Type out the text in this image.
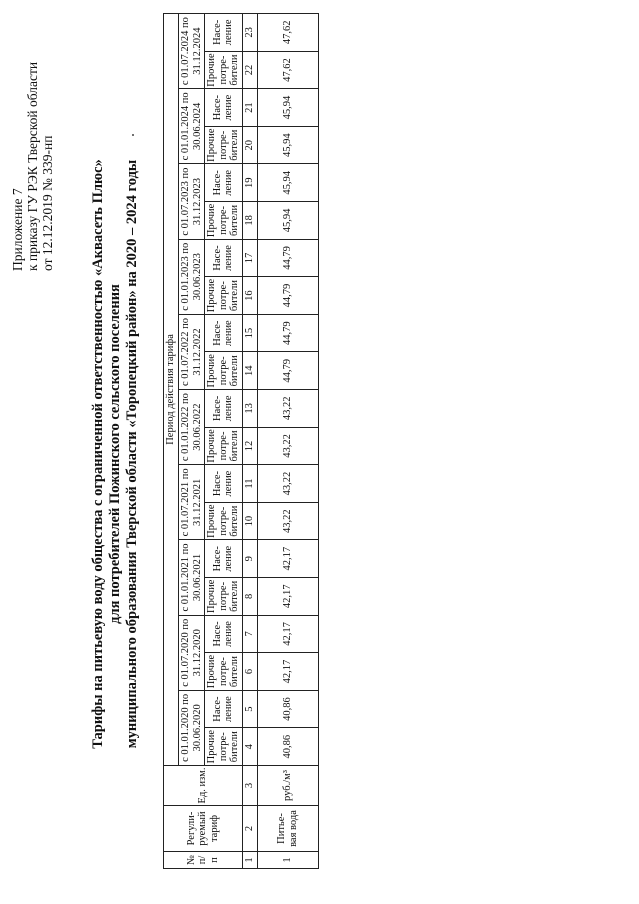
Приложение 7 к приказу ГУ РЭК Тверской области от 12.12.2019 № 339-нп Тарифы на питьевую воду общества с ограниченной ответственностью «Аквасеть Плюс» для потребителей Пожинского сельского поселения муниципального образования Тверской области «Торопецкий район» на 2020 – 2024 годы
№ п/п	Регули-руемый тариф	Ед. изм.	Период действия тарифа																			
			с 01.01.2020 по 30.06.2020		с 01.07.2020 по 31.12.2020		с 01.01.2021 по 30.06.2021		с 01.07.2021 по 31.12.2021		с 01.01.2022 по 30.06.2022		с 01.07.2022 по 31.12.2022		с 01.01.2023 по 30.06.2023		с 01.07.2023 по 31.12.2023		с 01.01.2024 по 30.06.2024		с 01.07.2024 по 31.12.2024	
			Прочие потре-бители	Насе-ление	Прочие потре-бители	Насе-ление	Прочие потре-бители	Насе-ление	Прочие потре-бители	Насе-ление	Прочие потре-бители	Насе-ление	Прочие потре-бители	Насе-ление	Прочие потре-бители	Насе-ление	Прочие потре-бители	Насе-ление	Прочие потре-бители	Насе-ление	Прочие потре-бители	Насе-ление
1	2	3	4	5	6	7	8	9	10	11	12	13	14	15	16	17	18	19	20	21	22	23
1	Питье-вая вода	руб./м³	40,86	40,86	42,17	42,17	42,17	42,17	43,22	43,22	43,22	43,22	44,79	44,79	44,79	44,79	45,94	45,94	45,94	45,94	47,62	47,62
